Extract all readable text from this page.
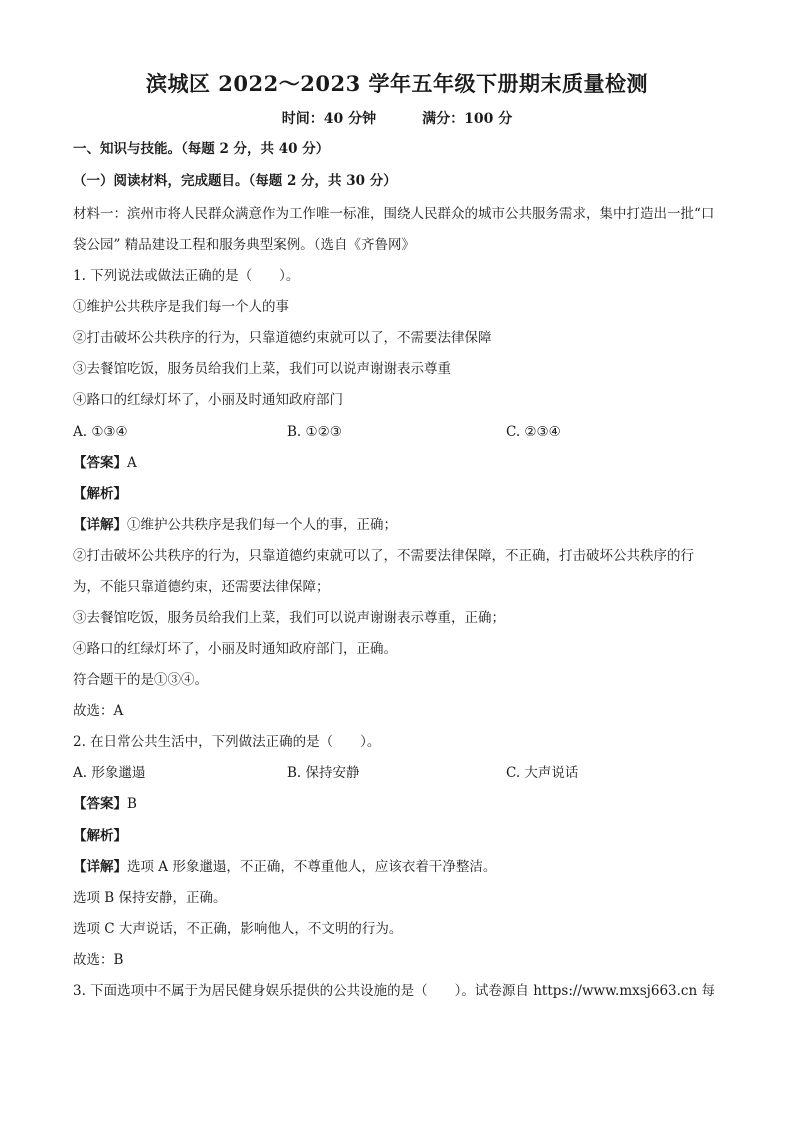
滨城区 2022～2023 学年五年级下册期末质量检测
时间：40 分钟	满分：100 分
一、知识与技能。（每题 2 分，共 40 分）
（一）阅读材料，完成题目。（每题 2 分，共 30 分）
材料一：滨州市将人民群众满意作为工作唯一标准，围绕人民群众的城市公共服务需求，集中打造出一批“口
袋公园” 精品建设工程和服务典型案例。（选自《齐鲁网》
1. 下列说法或做法正确的是（　　）。
①维护公共秩序是我们每一个人的事
②打击破坏公共秩序的行为，只靠道德约束就可以了，不需要法律保障
③去餐馆吃饭，服务员给我们上菜，我们可以说声谢谢表示尊重
④路口的红绿灯坏了，小丽及时通知政府部门
A. ①③④	B. ①②③	C. ②③④
【答案】A
【解析】
【详解】①维护公共秩序是我们每一个人的事，正确；
②打击破坏公共秩序的行为，只靠道德约束就可以了，不需要法律保障，不正确，打击破坏公共秩序的行
为，不能只靠道德约束，还需要法律保障；
③去餐馆吃饭，服务员给我们上菜，我们可以说声谢谢表示尊重，正确；
④路口的红绿灯坏了，小丽及时通知政府部门，正确。
符合题干的是①③④。
故选：A
2. 在日常公共生活中，下列做法正确的是（　　）。
A. 形象邋遢	B. 保持安静	C. 大声说话
【答案】B
【解析】
【详解】选项 A 形象邋遢，不正确，不尊重他人，应该衣着干净整洁。
选项 B 保持安静，正确。
选项 C 大声说话，不正确，影响他人，不文明的行为。
故选：B
3. 下面选项中不属于为居民健身娱乐提供的公共设施的是（　　）。试卷源自 https://www.mxsj663.cn 每
